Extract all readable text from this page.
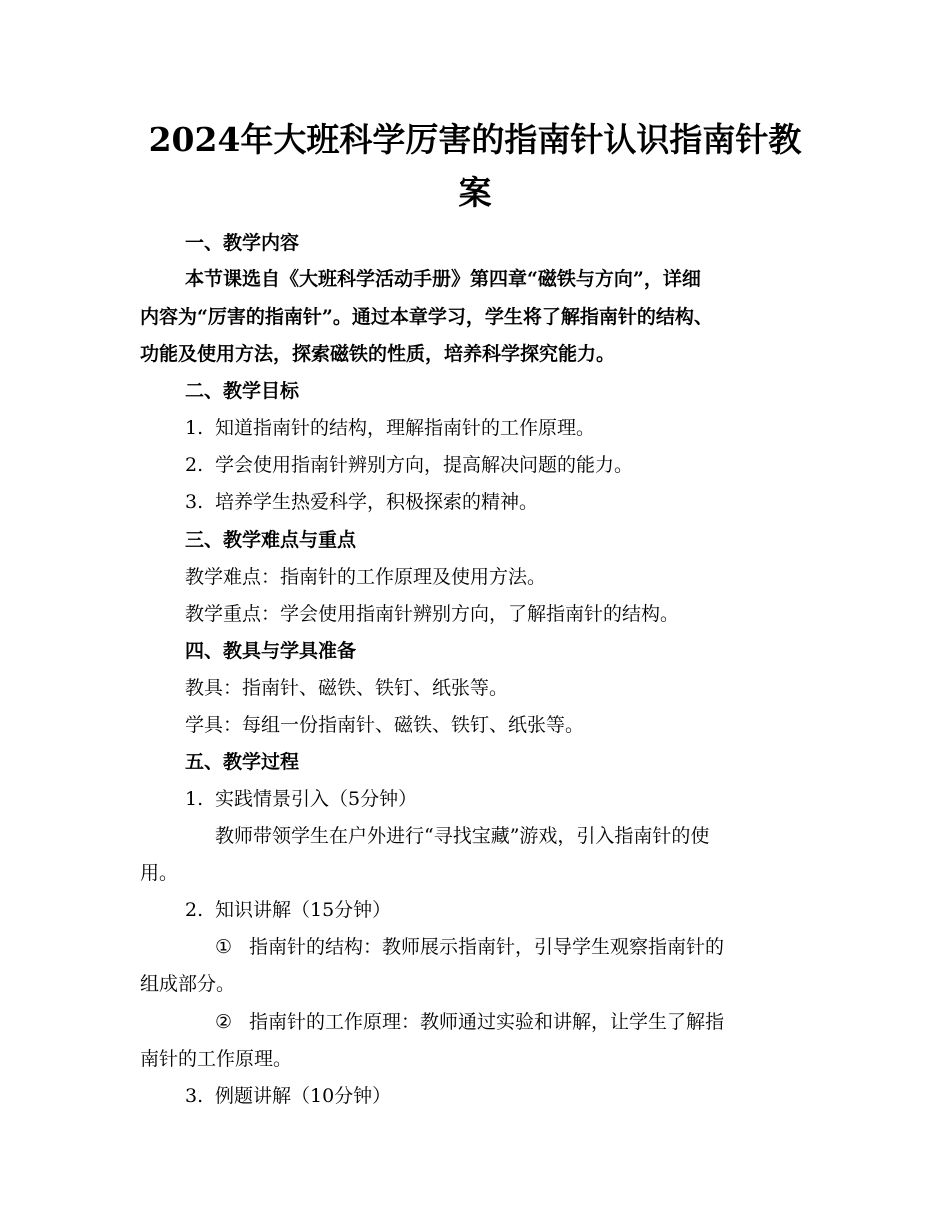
2024年大班科学厉害的指南针认识指南针教
案

一、教学内容

本节课选自《大班科学活动手册》第四章“磁铁与方向”，详细

内容为“厉害的指南针”。通过本章学习，学生将了解指南针的结构、

功能及使用方法，探索磁铁的性质，培养科学探究能力。

二、教学目标

1. 知道指南针的结构，理解指南针的工作原理。

2. 学会使用指南针辨别方向，提高解决问题的能力。

3. 培养学生热爱科学，积极探索的精神。

三、教学难点与重点

教学难点：指南针的工作原理及使用方法。

教学重点：学会使用指南针辨别方向，了解指南针的结构。

四、教具与学具准备

教具：指南针、磁铁、铁钉、纸张等。

学具：每组一份指南针、磁铁、铁钉、纸张等。

五、教学过程

1. 实践情景引入（5分钟）

教师带领学生在户外进行“寻找宝藏”游戏，引入指南针的使

用。

2. 知识讲解（15分钟）

① 指南针的结构：教师展示指南针，引导学生观察指南针的

组成部分。

② 指南针的工作原理：教师通过实验和讲解，让学生了解指

南针的工作原理。

3. 例题讲解（10分钟）
